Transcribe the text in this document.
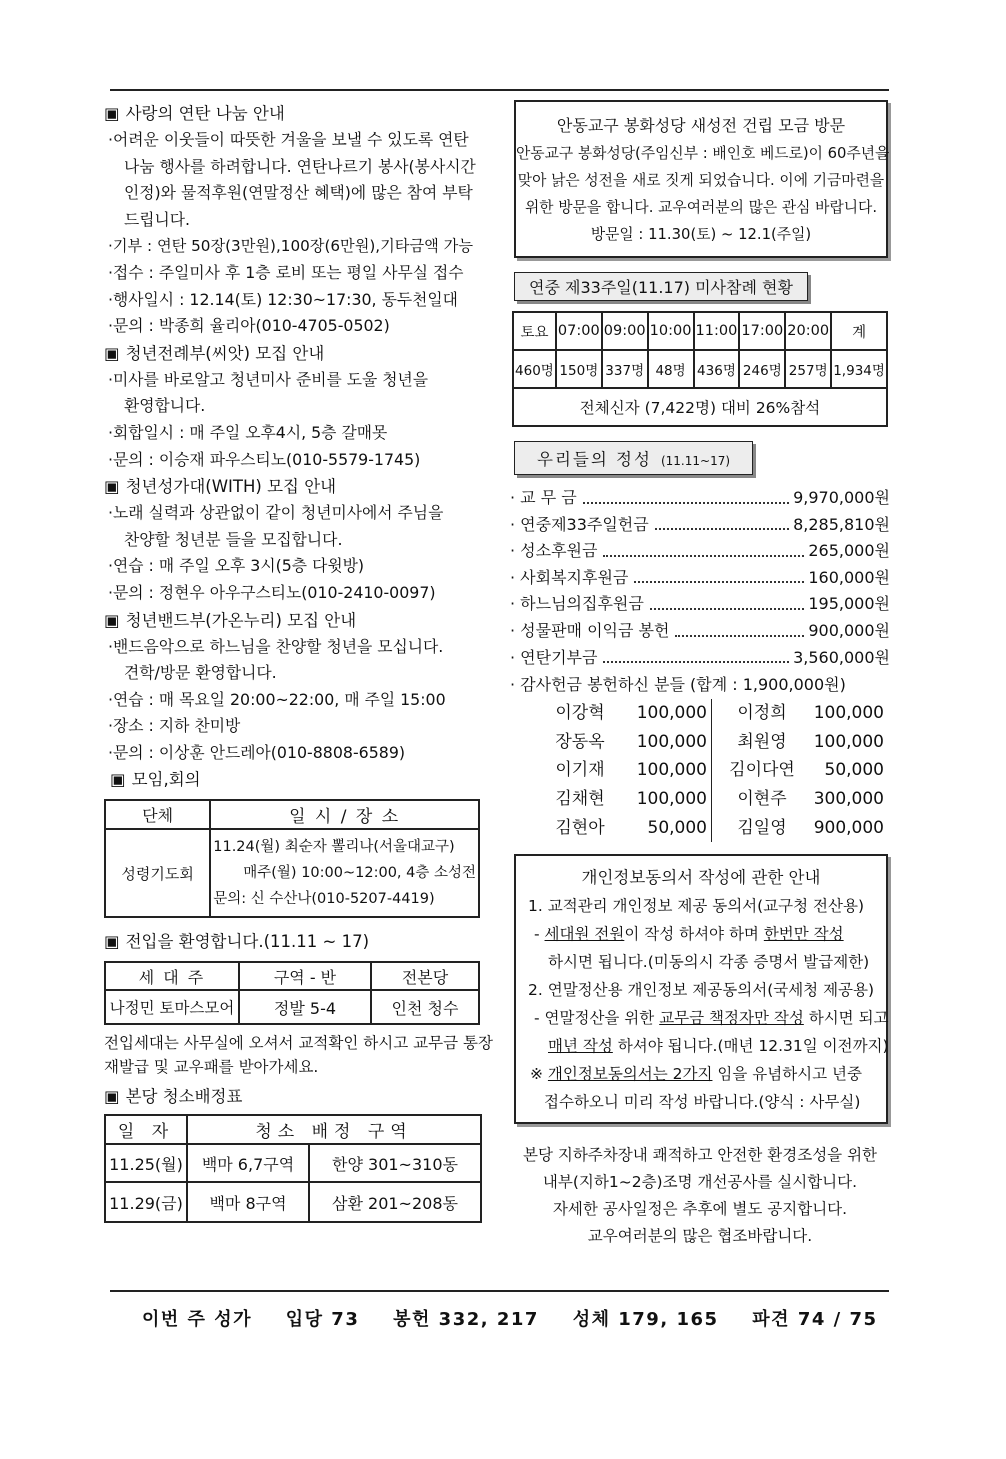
▣ 사랑의 연탄 나눔 안내
·어려운 이웃들이 따뜻한 겨울을 보낼 수 있도록 연탄
나눔 행사를 하려합니다. 연탄나르기 봉사(봉사시간
인정)와 물적후원(연말정산 혜택)에 많은 참여 부탁
드립니다.
·기부 : 연탄 50장(3만원),100장(6만원),기타금액 가능
·접수 : 주일미사 후 1층 로비 또는 평일 사무실 접수
·행사일시 : 12.14(토) 12:30~17:30, 동두천일대
·문의 : 박종희 율리아(010-4705-0502)
▣ 청년전례부(씨앗) 모집 안내
·미사를 바로알고 청년미사 준비를 도울 청년을
환영합니다.
·회합일시 : 매 주일 오후4시, 5층 갈매못
·문의 : 이승재 파우스티노(010-5579-1745)
▣ 청년성가대(WITH) 모집 안내
·노래 실력과 상관없이 같이 청년미사에서 주님을
찬양할 청년분 들을 모집합니다.
·연습 : 매 주일 오후 3시(5층 다윗방)
·문의 : 정현우 아우구스티노(010-2410-0097)
▣ 청년밴드부(가온누리) 모집 안내
·밴드음악으로 하느님을 찬양할 청년을 모십니다.
견학/방문 환영합니다.
·연습 : 매 목요일 20:00~22:00, 매 주일 15:00
·장소 : 지하 찬미방
·문의 : 이상훈 안드레아(010-8808-6589)
▣ 모임,회의
단체	일 시 / 장 소
성령기도회	11.24(월) 최순자 뽈리나(서울대교구)
매주(월) 10:00~12:00, 4층 소성전
문의: 신 수산나(010-5207-4419)
▣ 전입을 환영합니다.(11.11 ~ 17)
세 대 주	구역 - 반	전본당
나정민 토마스모어	정발 5-4	인천 청수
전입세대는 사무실에 오셔서 교적확인 하시고 교무금 통장
재발급 및 교우패를 받아가세요.
▣ 본당 청소배정표
일 자	청소 배정 구역	
11.25(월)	백마 6,7구역	한양 301~310동
11.29(금)	백마 8구역	삼환 201~208동
안동교구 봉화성당 새성전 건립 모금 방문
안동교구 봉화성당(주임신부 : 배인호 베드로)이 60주년을
맞아 낡은 성전을 새로 짓게 되었습니다. 이에 기금마련을
위한 방문을 합니다. 교우여러분의 많은 관심 바랍니다.
방문일 : 11.30(토) ~ 12.1(주일)
연중 제33주일(11.17) 미사참례 현황
토요	07:00	09:00	10:00	11:00	17:00	20:00	계
460명	150명	337명	48명	436명	246명	257명	1,934명
전체신자 (7,422명) 대비 26%참석							
우리들의 정성 (11.11~17)
· 교 무 금	9,970,000원
· 연중제33주일헌금	8,285,810원
· 성소후원금	265,000원
· 사회복지후원금	160,000원
· 하느님의집후원금	195,000원
· 성물판매 이익금 봉헌	900,000원
· 연탄기부금	3,560,000원
· 감사헌금 봉헌하신 분들 (합계 : 1,900,000원)
이강혁	100,000	이정희	100,000
장동옥	100,000	최원영	100,000
이기재	100,000	김이다연	50,000
김채현	100,000	이현주	300,000
김현아	50,000	김일영	900,000
개인정보동의서 작성에 관한 안내
1. 교적관리 개인정보 제공 동의서(교구청 전산용)
- 세대원 전원이 작성 하셔야 하며 한번만 작성
하시면 됩니다.(미동의시 각종 증명서 발급제한)
2. 연말정산용 개인정보 제공동의서(국세청 제공용)
- 연말정산을 위한 교무금 책정자만 작성 하시면 되고
매년 작성 하셔야 됩니다.(매년 12.31일 이전까지)
※ 개인정보동의서는 2가지 임을 유념하시고 년중
접수하오니 미리 작성 바랍니다.(양식 : 사무실)
본당 지하주차장내 쾌적하고 안전한 환경조성을 위한
내부(지하1~2층)조명 개선공사를 실시합니다.
자세한 공사일정은 추후에 별도 공지합니다.
교우여러분의 많은 협조바랍니다.
이번 주 성가 입당 73 봉헌 332, 217 성체 179, 165 파견 74 / 75
